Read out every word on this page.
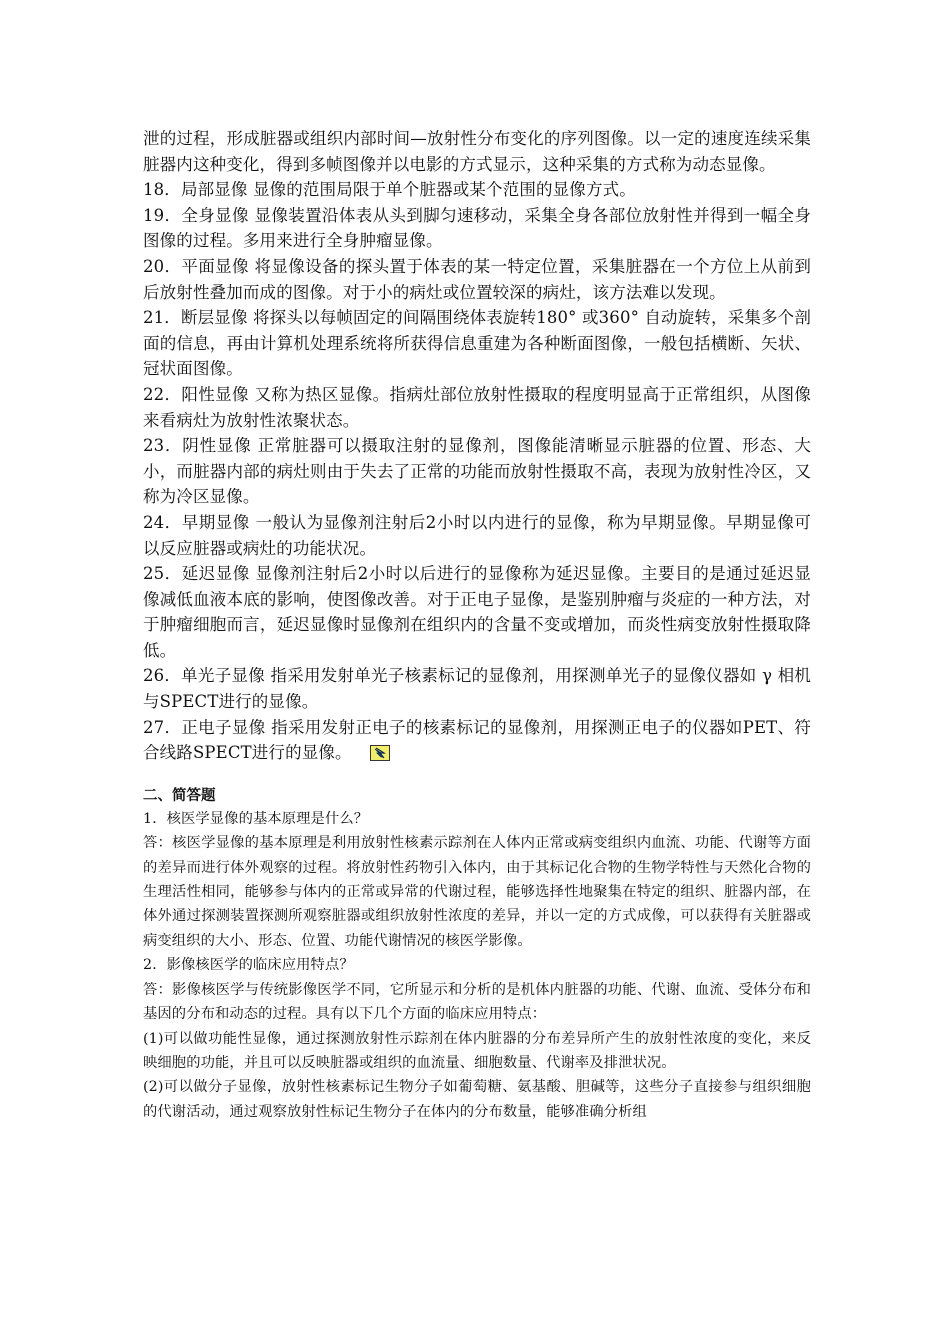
泄的过程，形成脏器或组织内部时间—放射性分布变化的序列图像。以一定的速度连续采集脏器内这种变化，得到多帧图像并以电影的方式显示，这种采集的方式称为动态显像。

18．局部显像 显像的范围局限于单个脏器或某个范围的显像方式。

19．全身显像 显像装置沿体表从头到脚匀速移动，采集全身各部位放射性并得到一幅全身图像的过程。多用来进行全身肿瘤显像。

20．平面显像 将显像设备的探头置于体表的某一特定位置，采集脏器在一个方位上从前到后放射性叠加而成的图像。对于小的病灶或位置较深的病灶，该方法难以发现。

21．断层显像 将探头以每帧固定的间隔围绕体表旋转180° 或360° 自动旋转，采集多个剖面的信息，再由计算机处理系统将所获得信息重建为各种断面图像，一般包括横断、矢状、冠状面图像。

22．阳性显像 又称为热区显像。指病灶部位放射性摄取的程度明显高于正常组织，从图像来看病灶为放射性浓聚状态。

23．阴性显像 正常脏器可以摄取注射的显像剂，图像能清晰显示脏器的位置、形态、大小，而脏器内部的病灶则由于失去了正常的功能而放射性摄取不高，表现为放射性冷区，又称为冷区显像。

24．早期显像 一般认为显像剂注射后2小时以内进行的显像，称为早期显像。早期显像可以反应脏器或病灶的功能状况。

25．延迟显像 显像剂注射后2小时以后进行的显像称为延迟显像。主要目的是通过延迟显像减低血液本底的影响，使图像改善。对于正电子显像，是鉴别肿瘤与炎症的一种方法，对于肿瘤细胞而言，延迟显像时显像剂在组织内的含量不变或增加，而炎性病变放射性摄取降低。

26．单光子显像 指采用发射单光子核素标记的显像剂，用探测单光子的显像仪器如 γ 相机与SPECT进行的显像。

27．正电子显像 指采用发射正电子的核素标记的显像剂，用探测正电子的仪器如PET、符合线路SPECT进行的显像。

二、简答题

1．核医学显像的基本原理是什么？

答：核医学显像的基本原理是利用放射性核素示踪剂在人体内正常或病变组织内血流、功能、代谢等方面的差异而进行体外观察的过程。将放射性药物引入体内，由于其标记化合物的生物学特性与天然化合物的生理活性相同，能够参与体内的正常或异常的代谢过程，能够选择性地聚集在特定的组织、脏器内部，在体外通过探测装置探测所观察脏器或组织放射性浓度的差异，并以一定的方式成像，可以获得有关脏器或病变组织的大小、形态、位置、功能代谢情况的核医学影像。

2．影像核医学的临床应用特点？

答：影像核医学与传统影像医学不同，它所显示和分析的是机体内脏器的功能、代谢、血流、受体分布和基因的分布和动态的过程。具有以下几个方面的临床应用特点：

(1)可以做功能性显像，通过探测放射性示踪剂在体内脏器的分布差异所产生的放射性浓度的变化，来反映细胞的功能，并且可以反映脏器或组织的血流量、细胞数量、代谢率及排泄状况。

(2)可以做分子显像，放射性核素标记生物分子如葡萄糖、氨基酸、胆碱等，这些分子直接参与组织细胞的代谢活动，通过观察放射性标记生物分子在体内的分布数量，能够准确分析组
